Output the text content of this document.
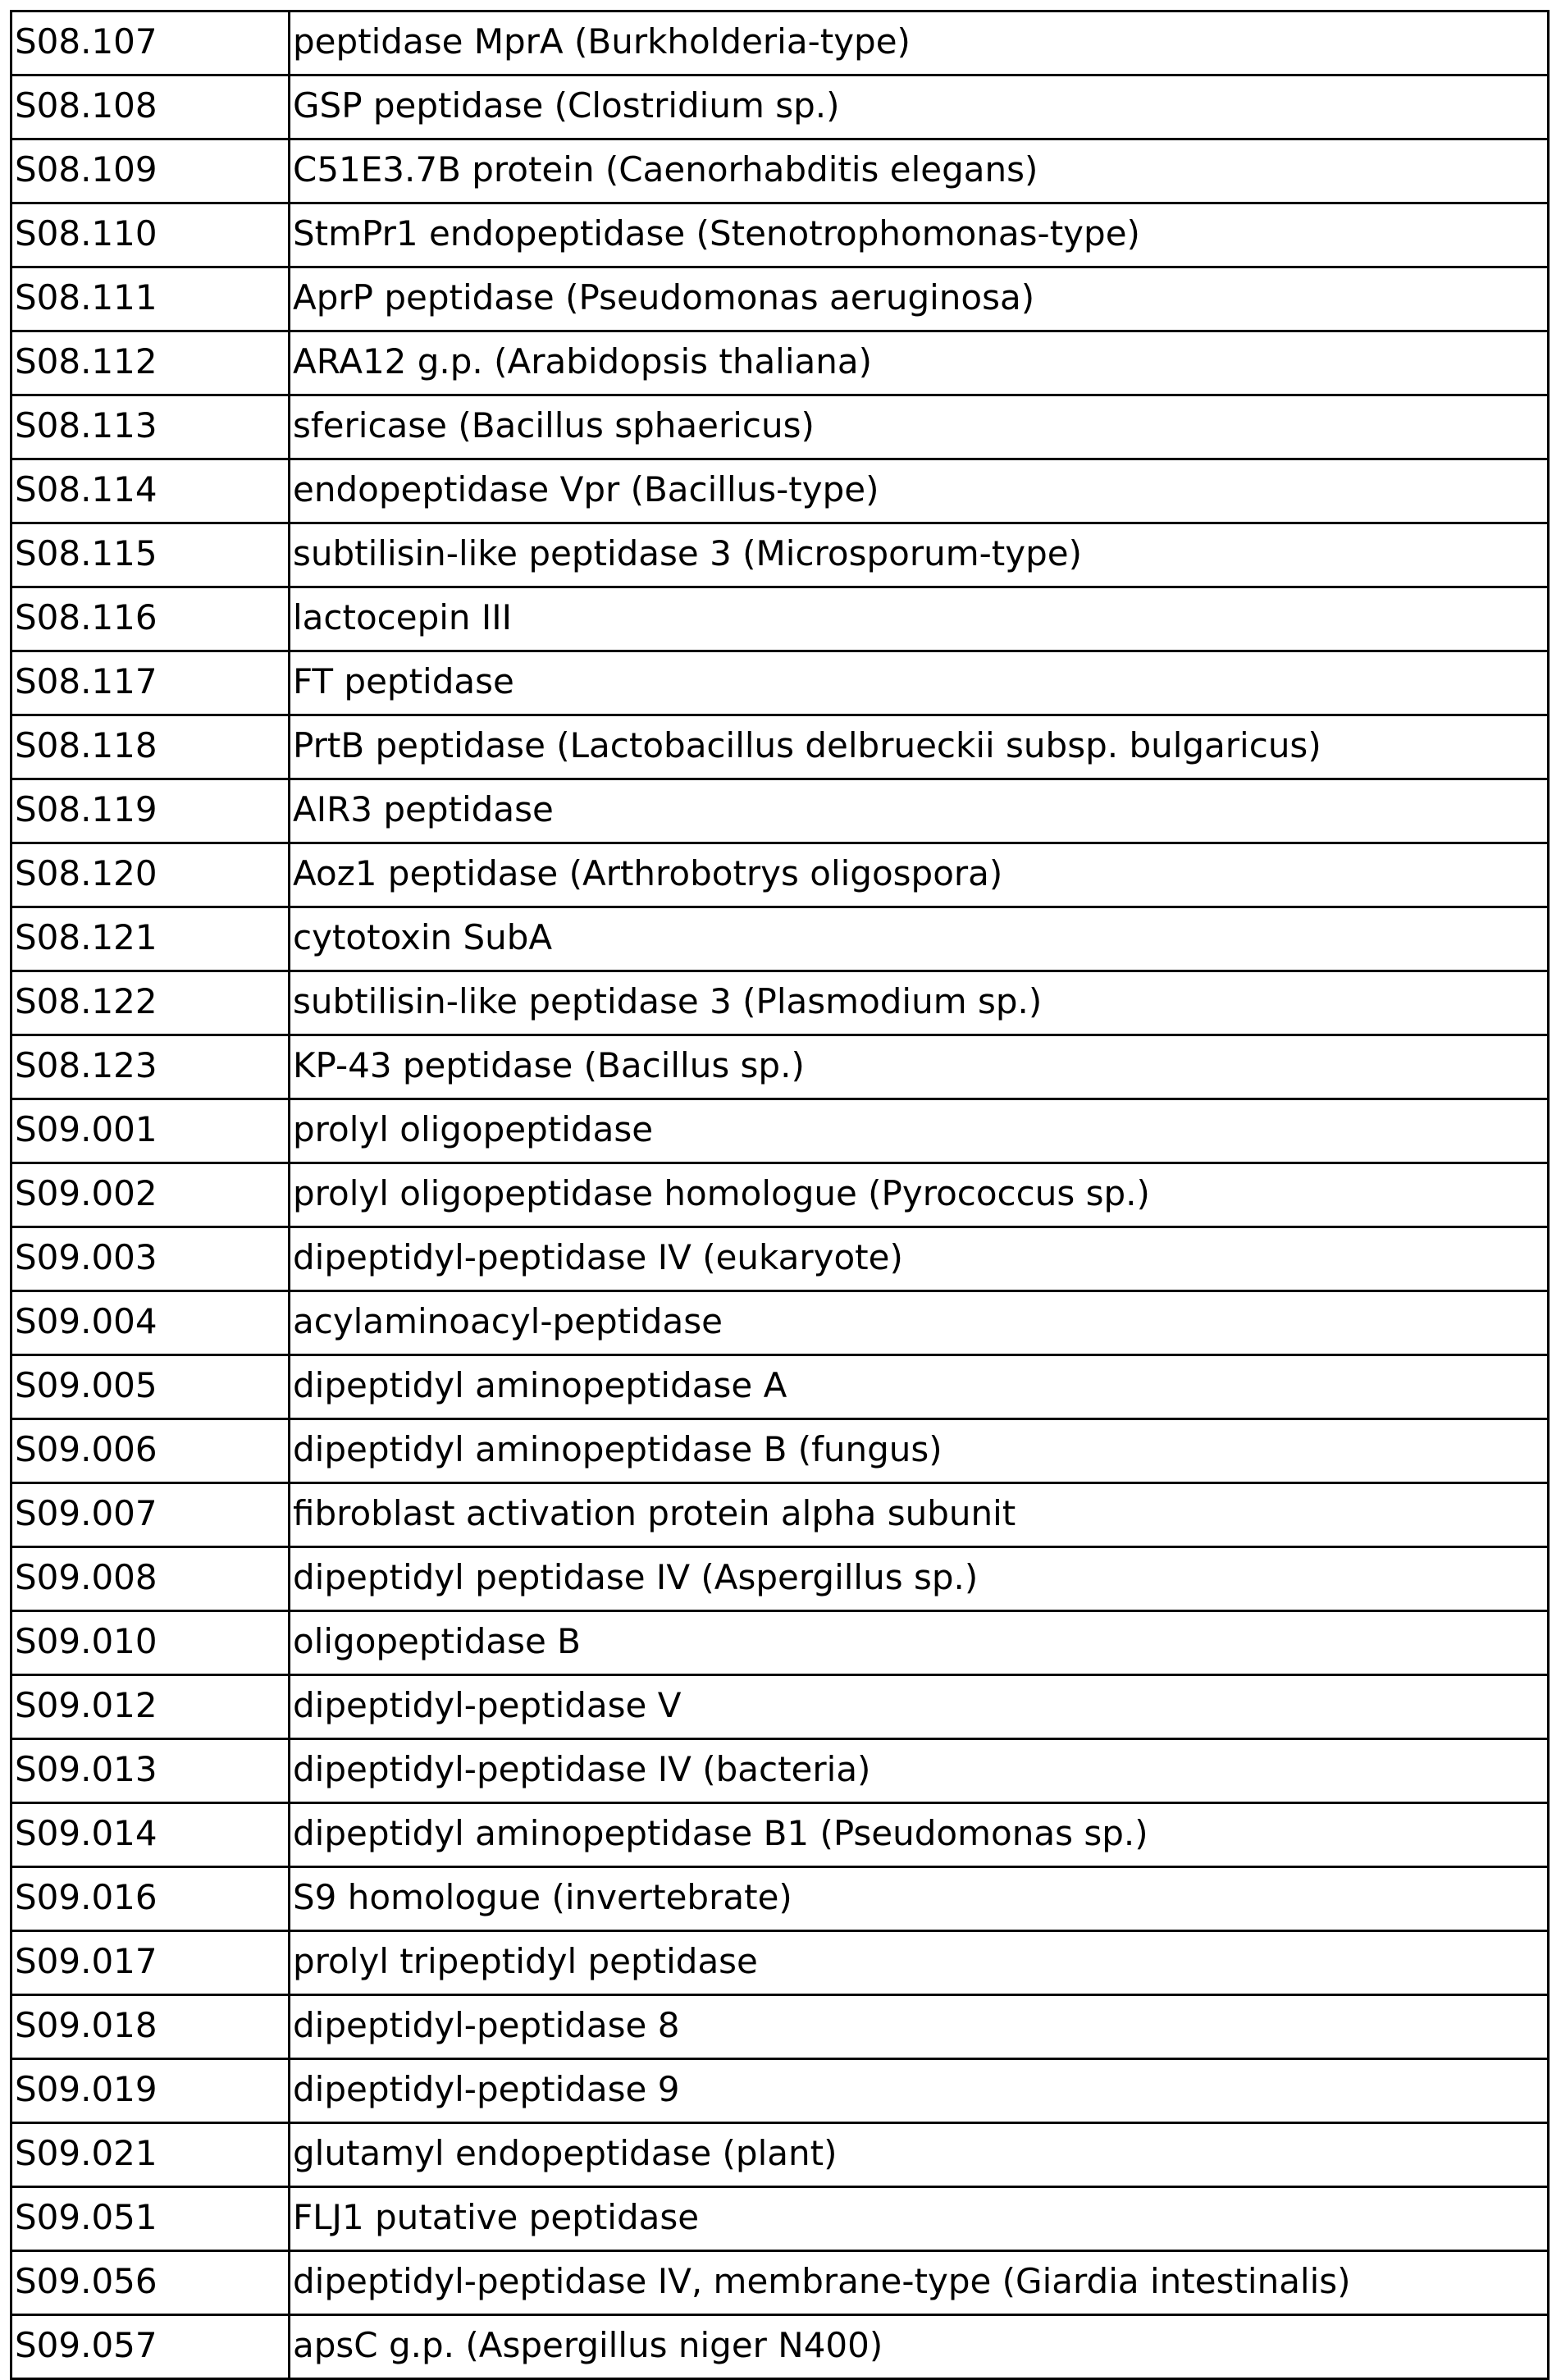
S08.107	peptidase MprA (Burkholderia-type)
S08.108	GSP peptidase (Clostridium sp.)
S08.109	C51E3.7B protein (Caenorhabditis elegans)
S08.110	StmPr1 endopeptidase (Stenotrophomonas-type)
S08.111	AprP peptidase (Pseudomonas aeruginosa)
S08.112	ARA12 g.p. (Arabidopsis thaliana)
S08.113	sfericase (Bacillus sphaericus)
S08.114	endopeptidase Vpr (Bacillus-type)
S08.115	subtilisin-like peptidase 3 (Microsporum-type)
S08.116	lactocepin III
S08.117	FT peptidase
S08.118	PrtB peptidase (Lactobacillus delbrueckii subsp. bulgaricus)
S08.119	AIR3 peptidase
S08.120	Aoz1 peptidase (Arthrobotrys oligospora)
S08.121	cytotoxin SubA
S08.122	subtilisin-like peptidase 3 (Plasmodium sp.)
S08.123	KP-43 peptidase (Bacillus sp.)
S09.001	prolyl oligopeptidase
S09.002	prolyl oligopeptidase homologue (Pyrococcus sp.)
S09.003	dipeptidyl-peptidase IV (eukaryote)
S09.004	acylaminoacyl-peptidase
S09.005	dipeptidyl aminopeptidase A
S09.006	dipeptidyl aminopeptidase B (fungus)
S09.007	fibroblast activation protein alpha subunit
S09.008	dipeptidyl peptidase IV (Aspergillus sp.)
S09.010	oligopeptidase B
S09.012	dipeptidyl-peptidase V
S09.013	dipeptidyl-peptidase IV (bacteria)
S09.014	dipeptidyl aminopeptidase B1 (Pseudomonas sp.)
S09.016	S9 homologue (invertebrate)
S09.017	prolyl tripeptidyl peptidase
S09.018	dipeptidyl-peptidase 8
S09.019	dipeptidyl-peptidase 9
S09.021	glutamyl endopeptidase (plant)
S09.051	FLJ1 putative peptidase
S09.056	dipeptidyl-peptidase IV, membrane-type (Giardia intestinalis)
S09.057	apsC g.p. (Aspergillus niger N400)
